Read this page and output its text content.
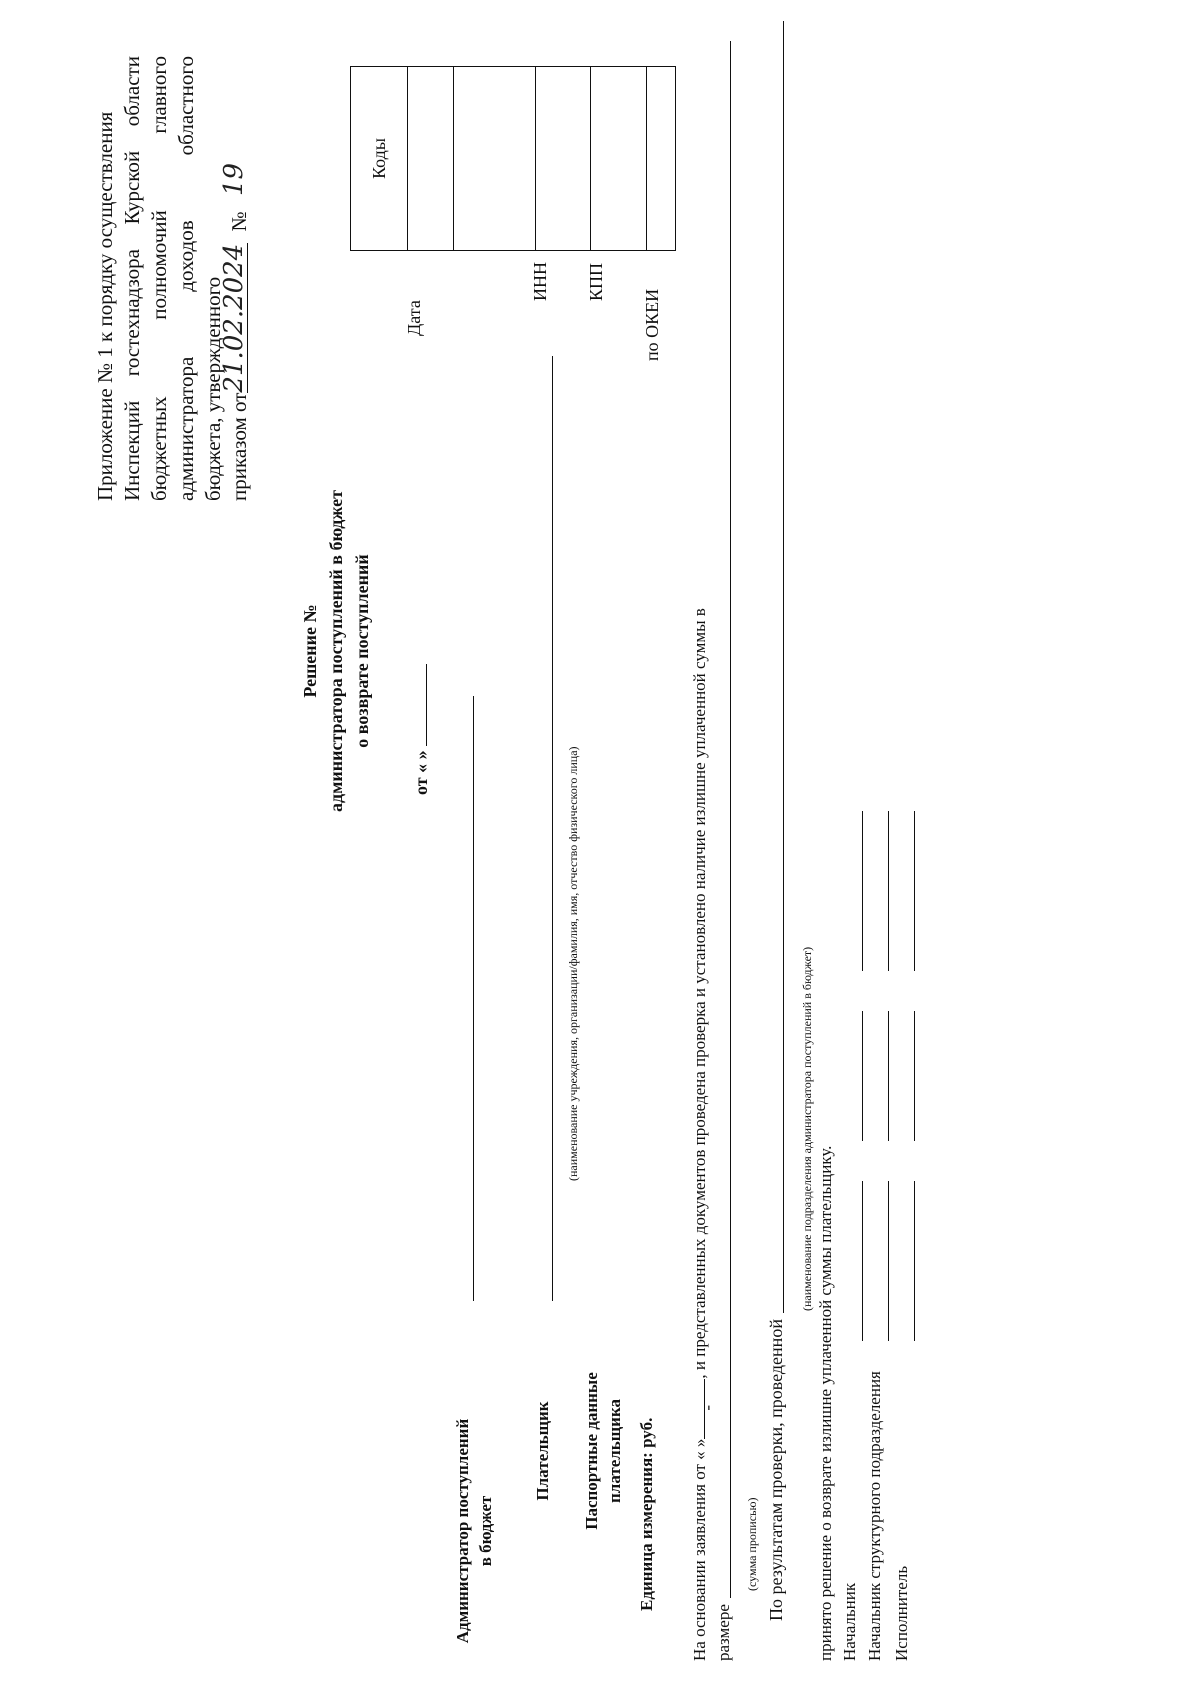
Приложение № 1 к порядку осуществления Инспекций
гостехнадзора
Курской
области
бюджетных
полномочий
главного
администратора
доходов
областного
бюджета, утвержденного приказом от21.02.2024 № 19
Решение № администратора поступлений в бюджет о возврате поступлений
от « »
Коды

Дата
ИНН КПП
по ОКЕИ
Администратор поступлений в бюджет
Плательщик
(наименование учреждения, организации/фамилия, имя, отчество физического лица)
Паспортные данные плательщика Единица измерения: руб. На основании заявления от « »
-
, и представленных документов проведена проверка и установлено наличие излишне уплаченной суммы в
размере
(сумма прописью) По результатам проверки, проведенной
(наименование подразделения администратора поступлений в бюджет)
принято решение о возврате излишне уплаченной суммы плательщику. Начальник Начальник структурного подразделения Исполнитель
